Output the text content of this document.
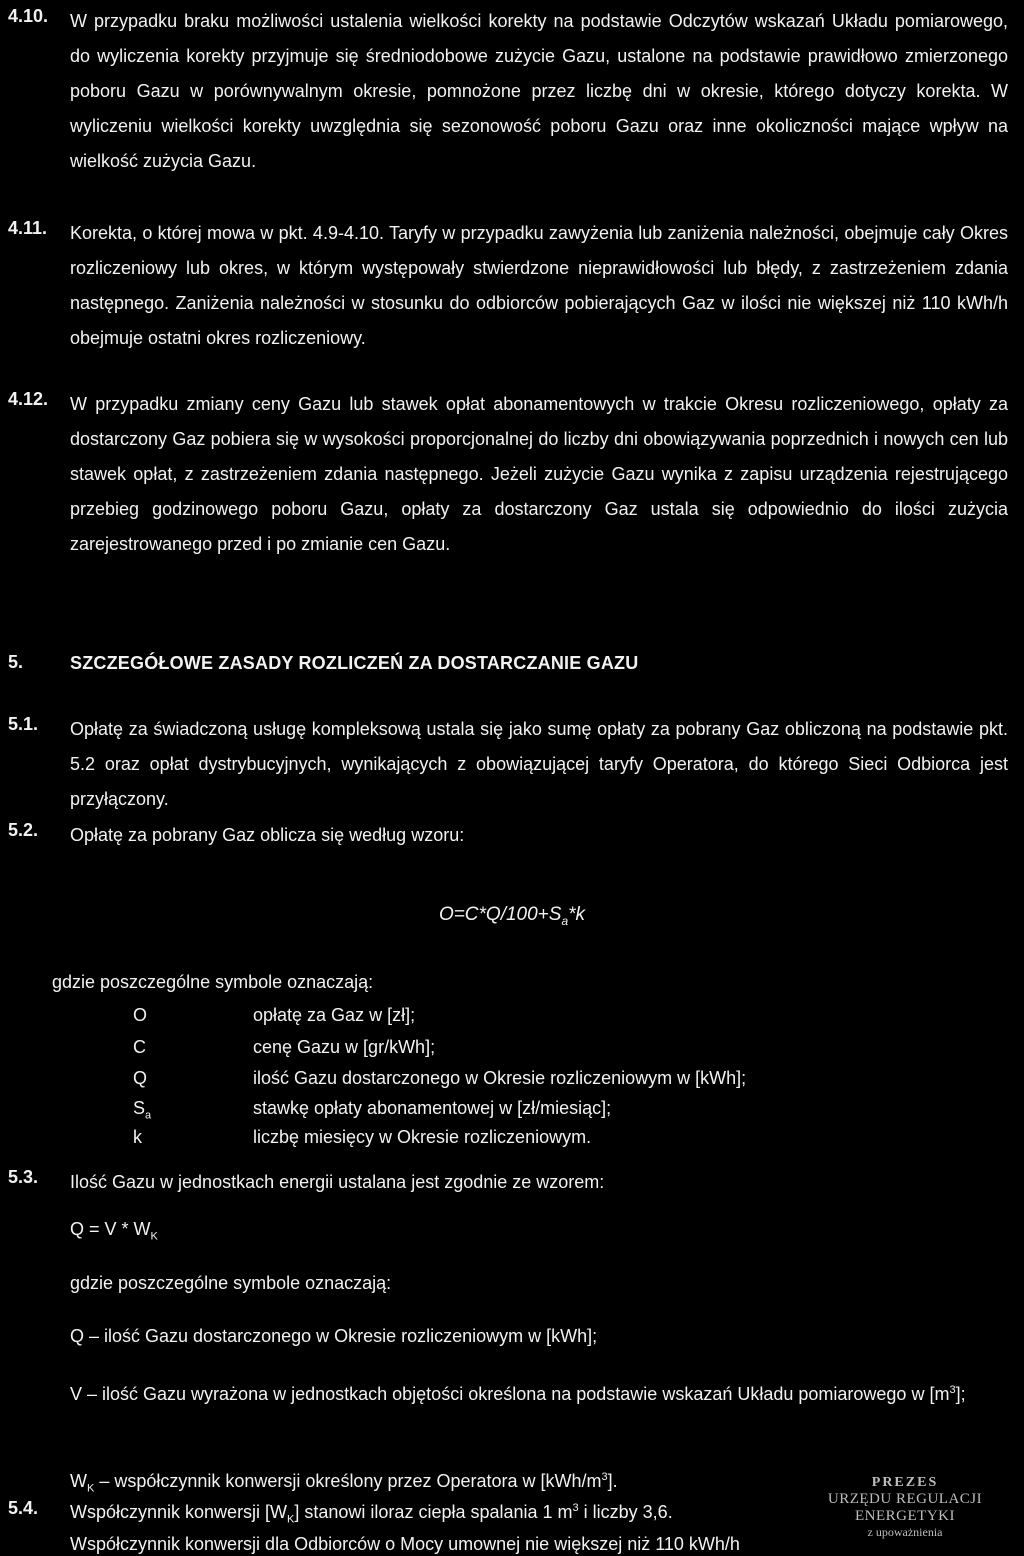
4.10. W przypadku braku możliwości ustalenia wielkości korekty na podstawie Odczytów wskazań Układu pomiarowego, do wyliczenia korekty przyjmuje się średniodobowe zużycie Gazu, ustalone na podstawie prawidłowo zmierzonego poboru Gazu w porównywalnym okresie, pomnożone przez liczbę dni w okresie, którego dotyczy korekta. W wyliczeniu wielkości korekty uwzględnia się sezonowość poboru Gazu oraz inne okoliczności mające wpływ na wielkość zużycia Gazu.
4.11. Korekta, o której mowa w pkt. 4.9-4.10. Taryfy w przypadku zawyżenia lub zaniżenia należności, obejmuje cały Okres rozliczeniowy lub okres, w którym występowały stwierdzone nieprawidłowości lub błędy, z zastrzeżeniem zdania następnego. Zaniżenia należności w stosunku do odbiorców pobierających Gaz w ilości nie większej niż 110 kWh/h obejmuje ostatni okres rozliczeniowy.
4.12. W przypadku zmiany ceny Gazu lub stawek opłat abonamentowych w trakcie Okresu rozliczeniowego, opłaty za dostarczony Gaz pobiera się w wysokości proporcjonalnej do liczby dni obowiązywania poprzednich i nowych cen lub stawek opłat, z zastrzeżeniem zdania następnego. Jeżeli zużycie Gazu wynika z zapisu urządzenia rejestrującego przebieg godzinowego poboru Gazu, opłaty za dostarczony Gaz ustala się odpowiednio do ilości zużycia zarejestrowanego przed i po zmianie cen Gazu.
5.	SZCZEGÓŁOWE ZASADY ROZLICZEŃ ZA DOSTARCZANIE GAZU
5.1. Opłatę za świadczoną usługę kompleksową ustala się jako sumę opłaty za pobrany Gaz obliczoną na podstawie pkt. 5.2 oraz opłat dystrybucyjnych, wynikających z obowiązującej taryfy Operatora, do którego Sieci Odbiorca jest przyłączony.
5.2. Opłatę za pobrany Gaz oblicza się według wzoru:
$O=C*Q/100+S_a*k$
gdzie poszczególne symbole oznaczają:
O	opłatę za Gaz w [zł];
C	cenę Gazu w [gr/kWh];
Q	ilość Gazu dostarczonego w Okresie rozliczeniowym w [kWh];
$S_a$	stawkę opłaty abonamentowej w [zł/miesiąc];
k	liczbę miesięcy w Okresie rozliczeniowym.
5.3. Ilość Gazu w jednostkach energii ustalana jest zgodnie ze wzorem:
$Q = V * W_K$
gdzie poszczególne symbole oznaczają:
Q – ilość Gazu dostarczonego w Okresie rozliczeniowym w [kWh];
V – ilość Gazu wyrażona w jednostkach objętości określona na podstawie wskazań Układu pomiarowego w $[m^3]$;
$W_K$ – współczynnik konwersji określony przez Operatora w $[kWh/m^3]$.
5.4. Współczynnik konwersji $[W_K]$ stanowi iloraz ciepła spalania 1 $m^3$ i liczby 3,6.
Współczynnik konwersji dla Odbiorców o Mocy umownej nie większej niż 110 kWh/h
PREZES
URZĘDU REGULACJI ENERGETYKI
z upoważnienia
